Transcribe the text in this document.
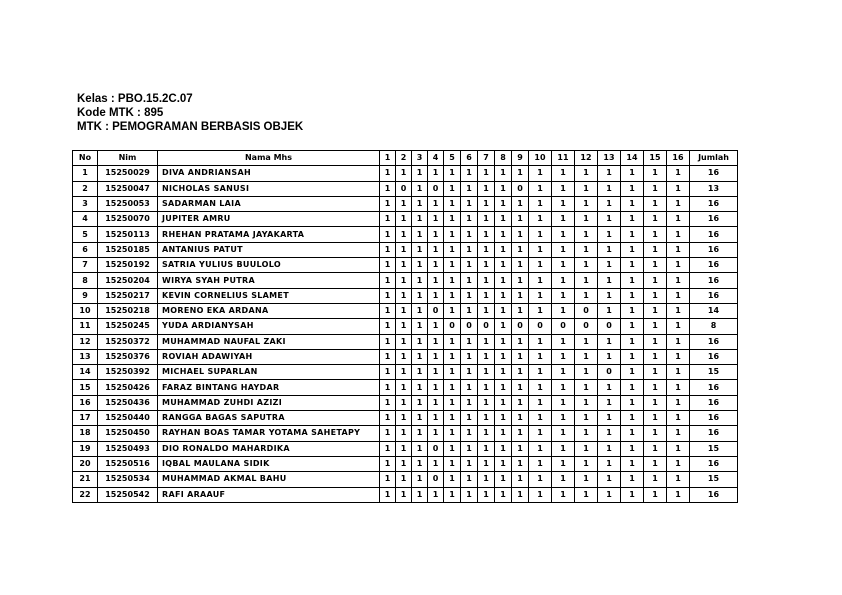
Kelas : PBO.15.2C.07
Kode MTK : 895
MTK : PEMOGRAMAN BERBASIS OBJEK
No	Nim	Nama Mhs	1	2	3	4	5	6	7	8	9	10	11	12	13	14	15	16	Jumlah
1	15250029	DIVA ANDRIANSAH	1	1	1	1	1	1	1	1	1	1	1	1	1	1	1	1	16
2	15250047	NICHOLAS SANUSI	1	0	1	0	1	1	1	1	0	1	1	1	1	1	1	1	13
3	15250053	SADARMAN LAIA	1	1	1	1	1	1	1	1	1	1	1	1	1	1	1	1	16
4	15250070	JUPITER AMRU	1	1	1	1	1	1	1	1	1	1	1	1	1	1	1	1	16
5	15250113	RHEHAN PRATAMA JAYAKARTA	1	1	1	1	1	1	1	1	1	1	1	1	1	1	1	1	16
6	15250185	ANTANIUS PATUT	1	1	1	1	1	1	1	1	1	1	1	1	1	1	1	1	16
7	15250192	SATRIA YULIUS BUULOLO	1	1	1	1	1	1	1	1	1	1	1	1	1	1	1	1	16
8	15250204	WIRYA SYAH PUTRA	1	1	1	1	1	1	1	1	1	1	1	1	1	1	1	1	16
9	15250217	KEVIN CORNELIUS SLAMET	1	1	1	1	1	1	1	1	1	1	1	1	1	1	1	1	16
10	15250218	MORENO EKA ARDANA	1	1	1	0	1	1	1	1	1	1	1	0	1	1	1	1	14
11	15250245	YUDA ARDIANYSAH	1	1	1	1	0	0	0	1	0	0	0	0	0	1	1	1	8
12	15250372	MUHAMMAD NAUFAL ZAKI	1	1	1	1	1	1	1	1	1	1	1	1	1	1	1	1	16
13	15250376	ROVIAH ADAWIYAH	1	1	1	1	1	1	1	1	1	1	1	1	1	1	1	1	16
14	15250392	MICHAEL SUPARLAN	1	1	1	1	1	1	1	1	1	1	1	1	0	1	1	1	15
15	15250426	FARAZ BINTANG HAYDAR	1	1	1	1	1	1	1	1	1	1	1	1	1	1	1	1	16
16	15250436	MUHAMMAD ZUHDI AZIZI	1	1	1	1	1	1	1	1	1	1	1	1	1	1	1	1	16
17	15250440	RANGGA BAGAS SAPUTRA	1	1	1	1	1	1	1	1	1	1	1	1	1	1	1	1	16
18	15250450	RAYHAN BOAS TAMAR YOTAMA SAHETAPY	1	1	1	1	1	1	1	1	1	1	1	1	1	1	1	1	16
19	15250493	DIO RONALDO MAHARDIKA	1	1	1	0	1	1	1	1	1	1	1	1	1	1	1	1	15
20	15250516	IQBAL MAULANA SIDIK	1	1	1	1	1	1	1	1	1	1	1	1	1	1	1	1	16
21	15250534	MUHAMMAD AKMAL BAHU	1	1	1	0	1	1	1	1	1	1	1	1	1	1	1	1	15
22	15250542	RAFI ARAAUF	1	1	1	1	1	1	1	1	1	1	1	1	1	1	1	1	16
